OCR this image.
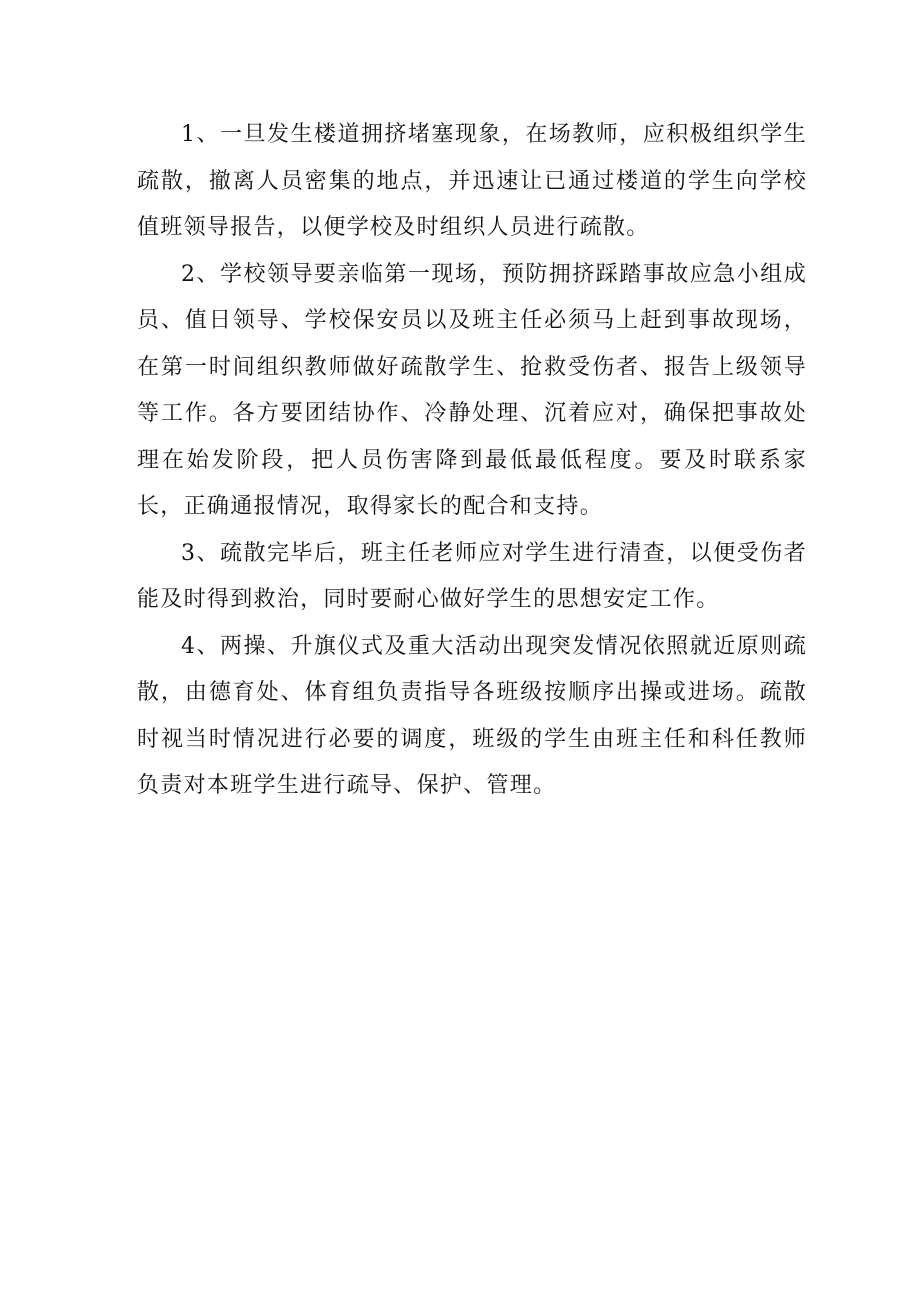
1、一旦发生楼道拥挤堵塞现象，在场教师，应积极组织学生疏散，撤离人员密集的地点，并迅速让已通过楼道的学生向学校值班领导报告，以便学校及时组织人员进行疏散。

2、学校领导要亲临第一现场，预防拥挤踩踏事故应急小组成员、值日领导、学校保安员以及班主任必须马上赶到事故现场，在第一时间组织教师做好疏散学生、抢救受伤者、报告上级领导等工作。各方要团结协作、冷静处理、沉着应对，确保把事故处理在始发阶段，把人员伤害降到最低最低程度。要及时联系家长，正确通报情况，取得家长的配合和支持。

3、疏散完毕后，班主任老师应对学生进行清查，以便受伤者能及时得到救治，同时要耐心做好学生的思想安定工作。

4、两操、升旗仪式及重大活动出现突发情况依照就近原则疏散，由德育处、体育组负责指导各班级按顺序出操或进场。疏散时视当时情况进行必要的调度，班级的学生由班主任和科任教师负责对本班学生进行疏导、保护、管理。
